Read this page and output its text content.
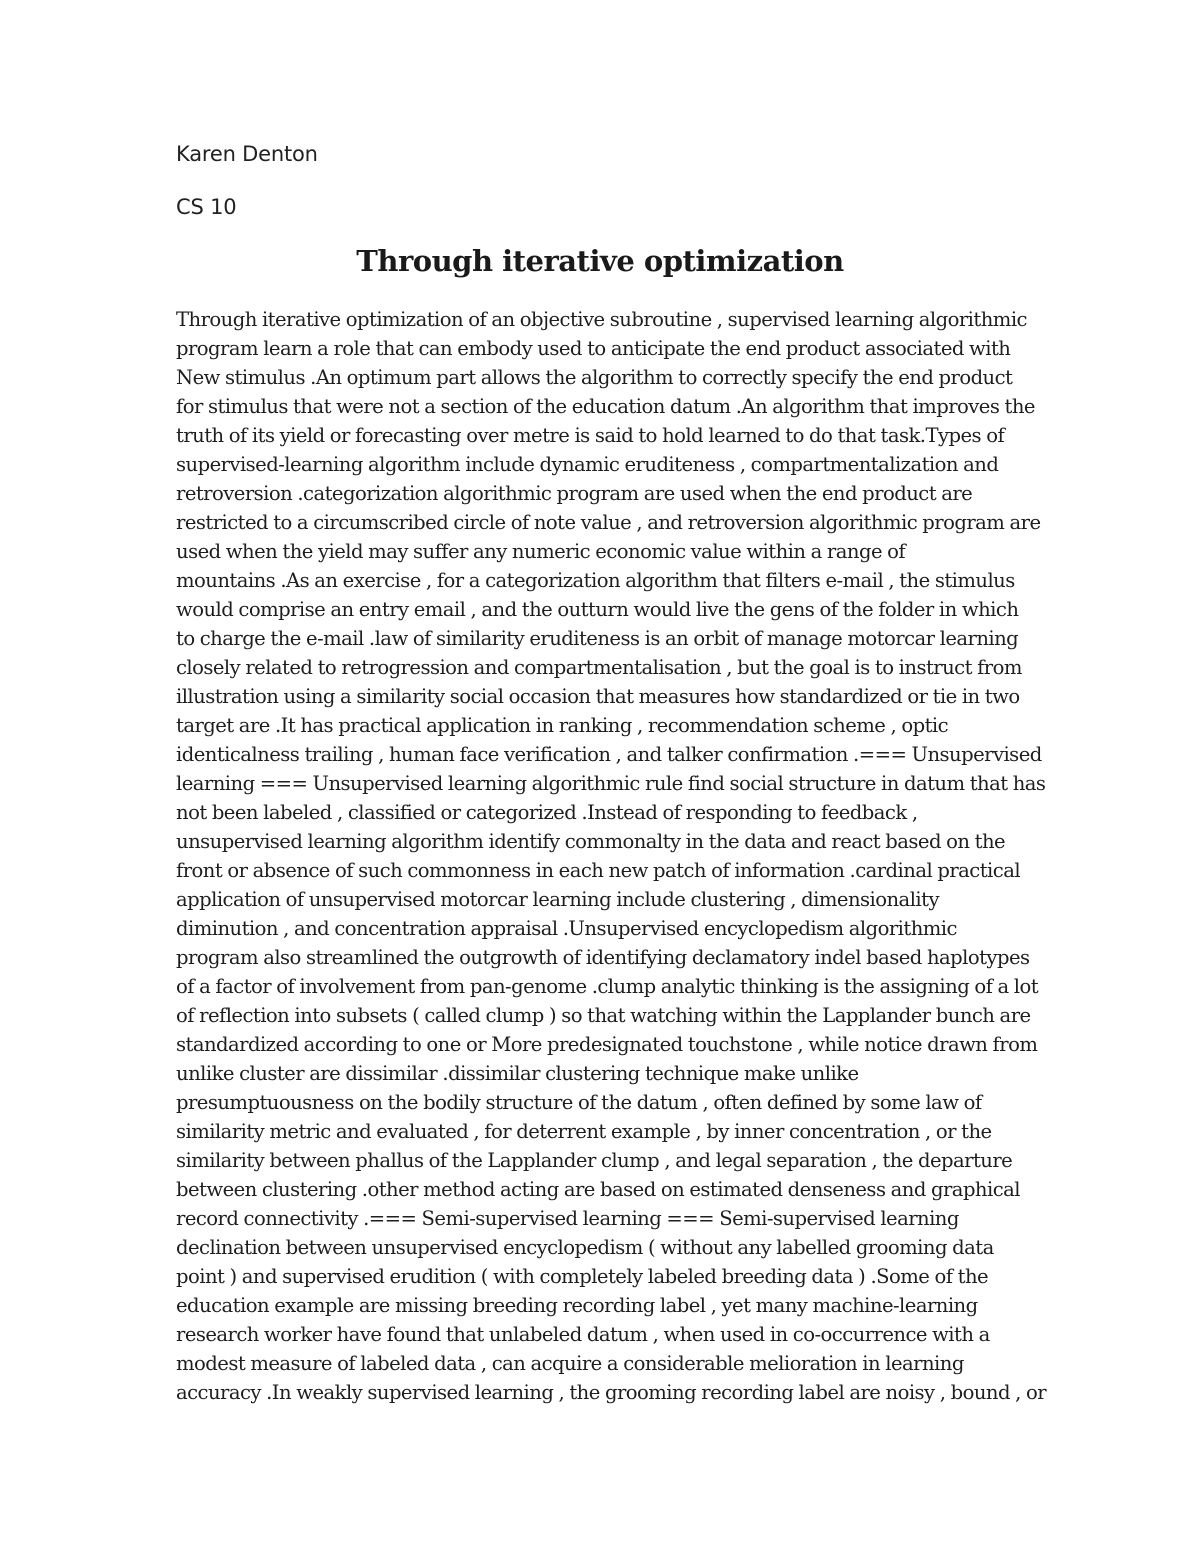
Karen Denton
CS 10
Through iterative optimization
Through iterative optimization of an objective subroutine , supervised learning algorithmic
program learn a role that can embody used to anticipate the end product associated with
New stimulus .An optimum part allows the algorithm to correctly specify the end product
for stimulus that were not a section of the education datum .An algorithm that improves the
truth of its yield or forecasting over metre is said to hold learned to do that task.Types of
supervised-learning algorithm include dynamic eruditeness , compartmentalization and
retroversion .categorization algorithmic program are used when the end product are
restricted to a circumscribed circle of note value , and retroversion algorithmic program are
used when the yield may suffer any numeric economic value within a range of
mountains .As an exercise , for a categorization algorithm that filters e-mail , the stimulus
would comprise an entry email , and the outturn would live the gens of the folder in which
to charge the e-mail .law of similarity eruditeness is an orbit of manage motorcar learning
closely related to retrogression and compartmentalisation , but the goal is to instruct from
illustration using a similarity social occasion that measures how standardized or tie in two
target are .It has practical application in ranking , recommendation scheme , optic
identicalness trailing , human face verification , and talker confirmation .=== Unsupervised
learning === Unsupervised learning algorithmic rule find social structure in datum that has
not been labeled , classified or categorized .Instead of responding to feedback ,
unsupervised learning algorithm identify commonalty in the data and react based on the
front or absence of such commonness in each new patch of information .cardinal practical
application of unsupervised motorcar learning include clustering , dimensionality
diminution , and concentration appraisal .Unsupervised encyclopedism algorithmic
program also streamlined the outgrowth of identifying declamatory indel based haplotypes
of a factor of involvement from pan-genome .clump analytic thinking is the assigning of a lot
of reflection into subsets ( called clump ) so that watching within the Lapplander bunch are
standardized according to one or More predesignated touchstone , while notice drawn from
unlike cluster are dissimilar .dissimilar clustering technique make unlike
presumptuousness on the bodily structure of the datum , often defined by some law of
similarity metric and evaluated , for deterrent example , by inner concentration , or the
similarity between phallus of the Lapplander clump , and legal separation , the departure
between clustering .other method acting are based on estimated denseness and graphical
record connectivity .=== Semi-supervised learning === Semi-supervised learning
declination between unsupervised encyclopedism ( without any labelled grooming data
point ) and supervised erudition ( with completely labeled breeding data ) .Some of the
education example are missing breeding recording label , yet many machine-learning
research worker have found that unlabeled datum , when used in co-occurrence with a
modest measure of labeled data , can acquire a considerable melioration in learning
accuracy .In weakly supervised learning , the grooming recording label are noisy , bound , or
